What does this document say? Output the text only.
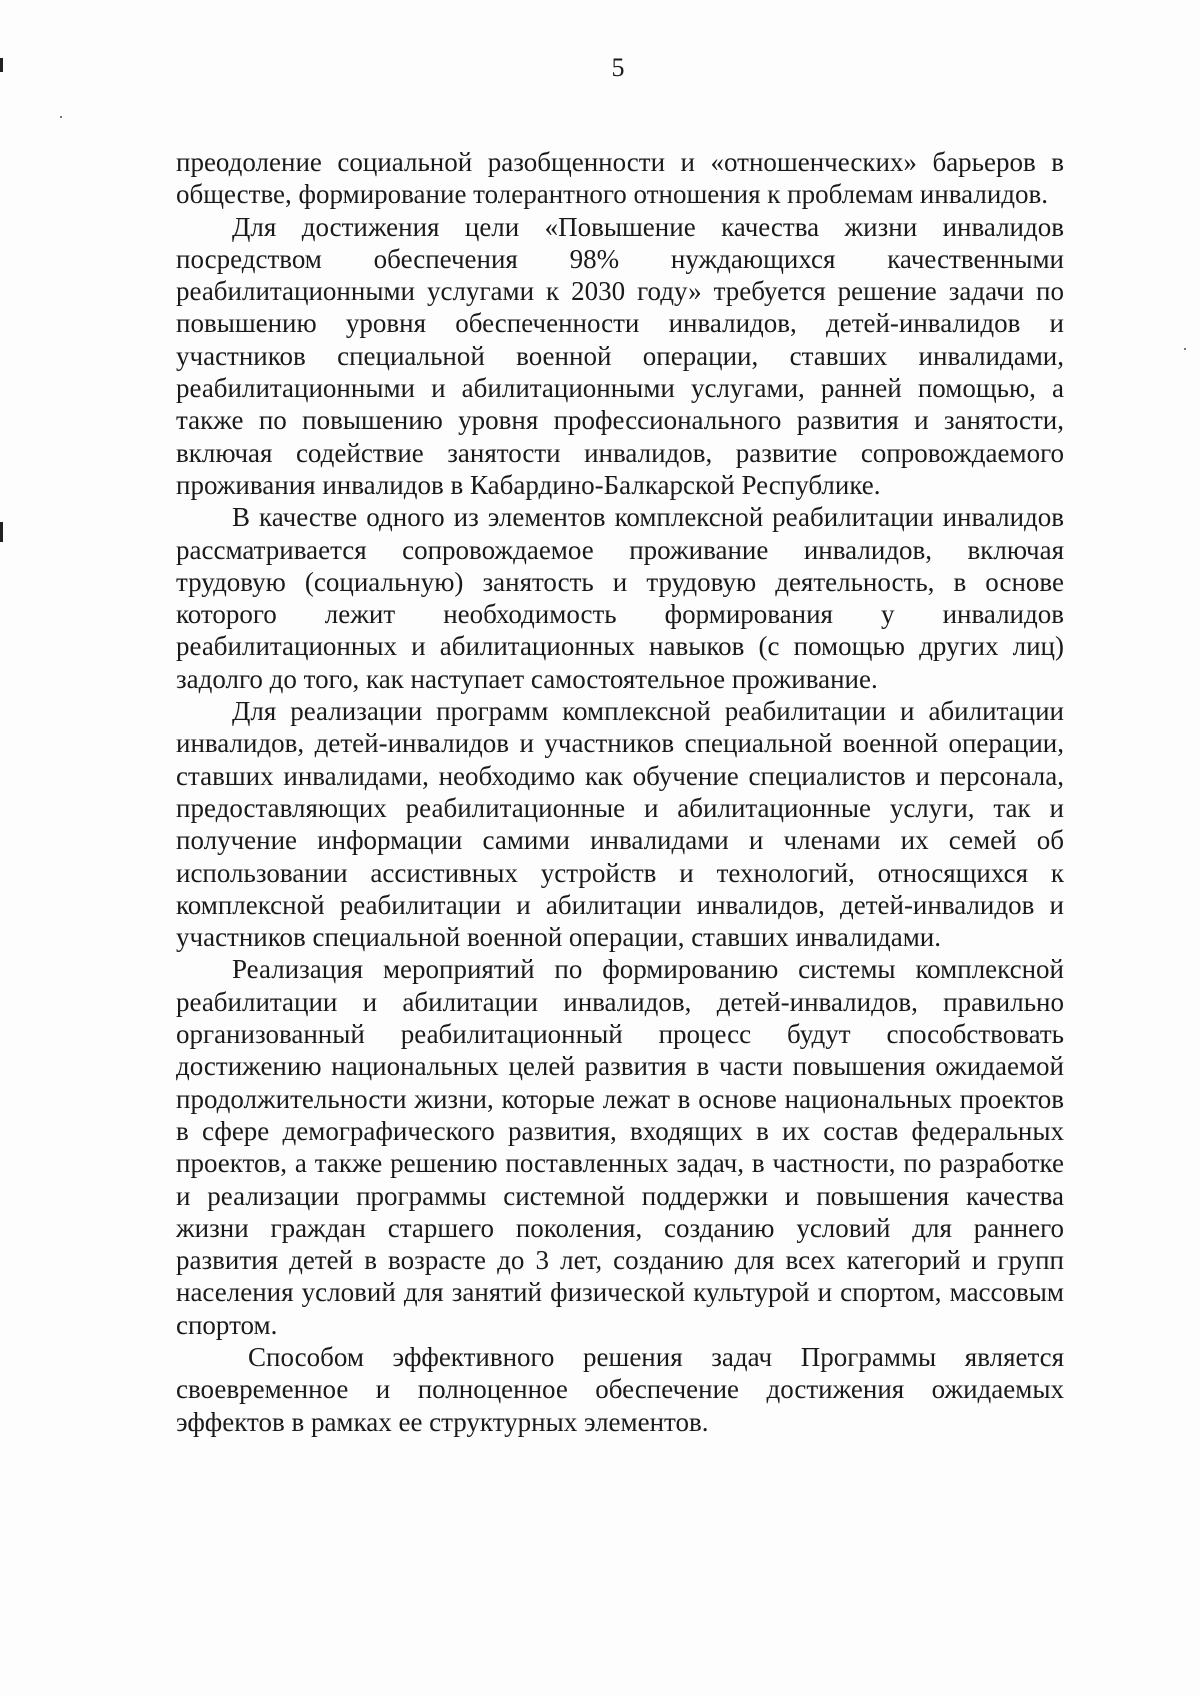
5

преодоление социальной разобщенности и «отношенческих» барьеров в обществе, формирование толерантного отношения к проблемам инвалидов.

Для достижения цели «Повышение качества жизни инвалидов посредством обеспечения 98% нуждающихся качественными реабилитационными услугами к 2030 году» требуется решение задачи по повышению уровня обеспеченности инвалидов, детей-инвалидов и участников специальной военной операции, ставших инвалидами, реабилитационными и абилитационными услугами, ранней помощью, а также по повышению уровня профессионального развития и занятости, включая содействие занятости инвалидов, развитие сопровождаемого проживания инвалидов в Кабардино-Балкарской Республике.

В качестве одного из элементов комплексной реабилитации инвалидов рассматривается сопровождаемое проживание инвалидов, включая трудовую (социальную) занятость и трудовую деятельность, в основе которого лежит необходимость формирования у инвалидов реабилитационных и абилитационных навыков (с помощью других лиц) задолго до того, как наступает самостоятельное проживание.

Для реализации программ комплексной реабилитации и абилитации инвалидов, детей-инвалидов и участников специальной военной операции, ставших инвалидами, необходимо как обучение специалистов и персонала, предоставляющих реабилитационные и абилитационные услуги, так и получение информации самими инвалидами и членами их семей об использовании ассистивных устройств и технологий, относящихся к комплексной реабилитации и абилитации инвалидов, детей-инвалидов и участников специальной военной операции, ставших инвалидами.

Реализация мероприятий по формированию системы комплексной реабилитации и абилитации инвалидов, детей-инвалидов, правильно организованный реабилитационный процесс будут способствовать достижению национальных целей развития в части повышения ожидаемой продолжительности жизни, которые лежат в основе национальных проектов в сфере демографического развития, входящих в их состав федеральных проектов, а также решению поставленных задач, в частности, по разработке и реализации программы системной поддержки и повышения качества жизни граждан старшего поколения, созданию условий для раннего развития детей в возрасте до 3 лет, созданию для всех категорий и групп населения условий для занятий физической культурой и спортом, массовым спортом.

Способом эффективного решения задач Программы является своевременное и полноценное обеспечение достижения ожидаемых эффектов в рамках ее структурных элементов.
